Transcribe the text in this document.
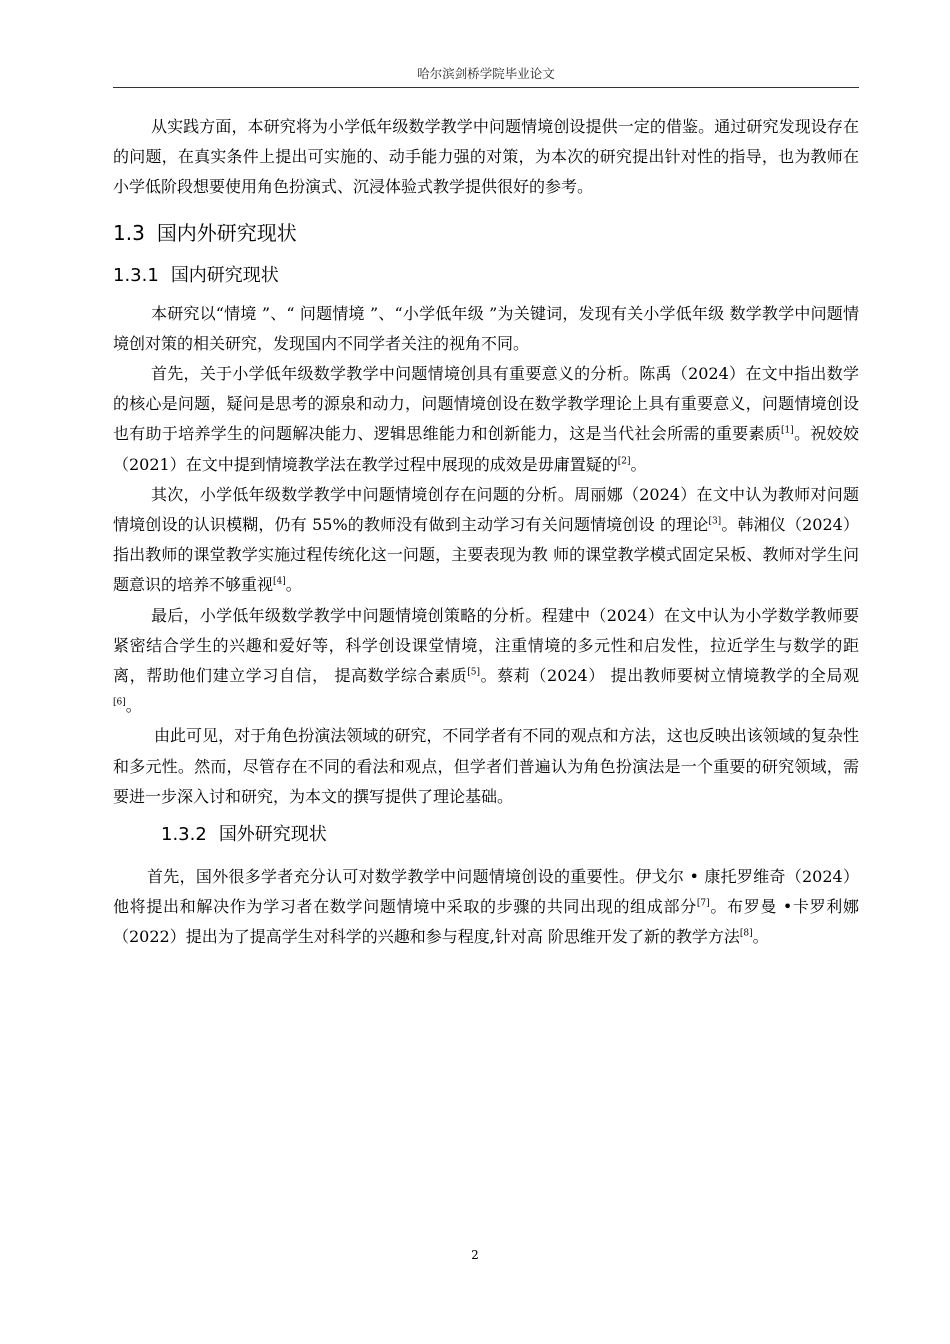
哈尔滨剑桥学院毕业论文

从实践方面，本研究将为小学低年级数学教学中问题情境创设提供一定的借鉴。通过研究发现设存在的问题，在真实条件上提出可实施的、动手能力强的对策，为本次的研究提出针对性的指导，也为教师在小学低阶段想要使用角色扮演式、沉浸体验式教学提供很好的参考。

1.3 国内外研究现状
1.3.1 国内研究现状

本研究以“情境 ”、“ 问题情境 ”、“小学低年级 ”为关键词，发现有关小学低年级 数学教学中问题情境创对策的相关研究，发现国内不同学者关注的视角不同。

首先，关于小学低年级数学教学中问题情境创具有重要意义的分析。陈禹（2024）在文中指出数学的核心是问题，疑问是思考的源泉和动力，问题情境创设在数学教学理论上具有重要意义，问题情境创设也有助于培养学生的问题解决能力、逻辑思维能力和创新能力，这是当代社会所需的重要素质[1]。祝姣姣（2021）在文中提到情境教学法在教学过程中展现的成效是毋庸置疑的[2]。

其次，小学低年级数学教学中问题情境创存在问题的分析。周丽娜（2024）在文中认为教师对问题情境创设的认识模糊，仍有 55%的教师没有做到主动学习有关问题情境创设 的理论[3]。韩湘仪（2024）指出教师的课堂教学实施过程传统化这一问题，主要表现为教 师的课堂教学模式固定呆板、教师对学生问题意识的培养不够重视[4]。

最后，小学低年级数学教学中问题情境创策略的分析。程建中（2024）在文中认为小学数学教师要紧密结合学生的兴趣和爱好等，科学创设课堂情境，注重情境的多元性和启发性，拉近学生与数学的距离，帮助他们建立学习自信， 提高数学综合素质[5]。蔡莉（2024） 提出教师要树立情境教学的全局观[6]。

由此可见，对于角色扮演法领域的研究，不同学者有不同的观点和方法，这也反映出该领域的复杂性和多元性。然而，尽管存在不同的看法和观点，但学者们普遍认为角色扮演法是一个重要的研究领域，需要进一步深入讨和研究，为本文的撰写提供了理论基础。

1.3.2 国外研究现状

首先，国外很多学者充分认可对数学教学中问题情境创设的重要性。伊戈尔 • 康托罗维奇（2024）他将提出和解决作为学习者在数学问题情境中采取的步骤的共同出现的组成部分[7]。布罗曼 •卡罗利娜（2022）提出为了提高学生对科学的兴趣和参与程度,针对高 阶思维开发了新的教学方法[8]。

2
